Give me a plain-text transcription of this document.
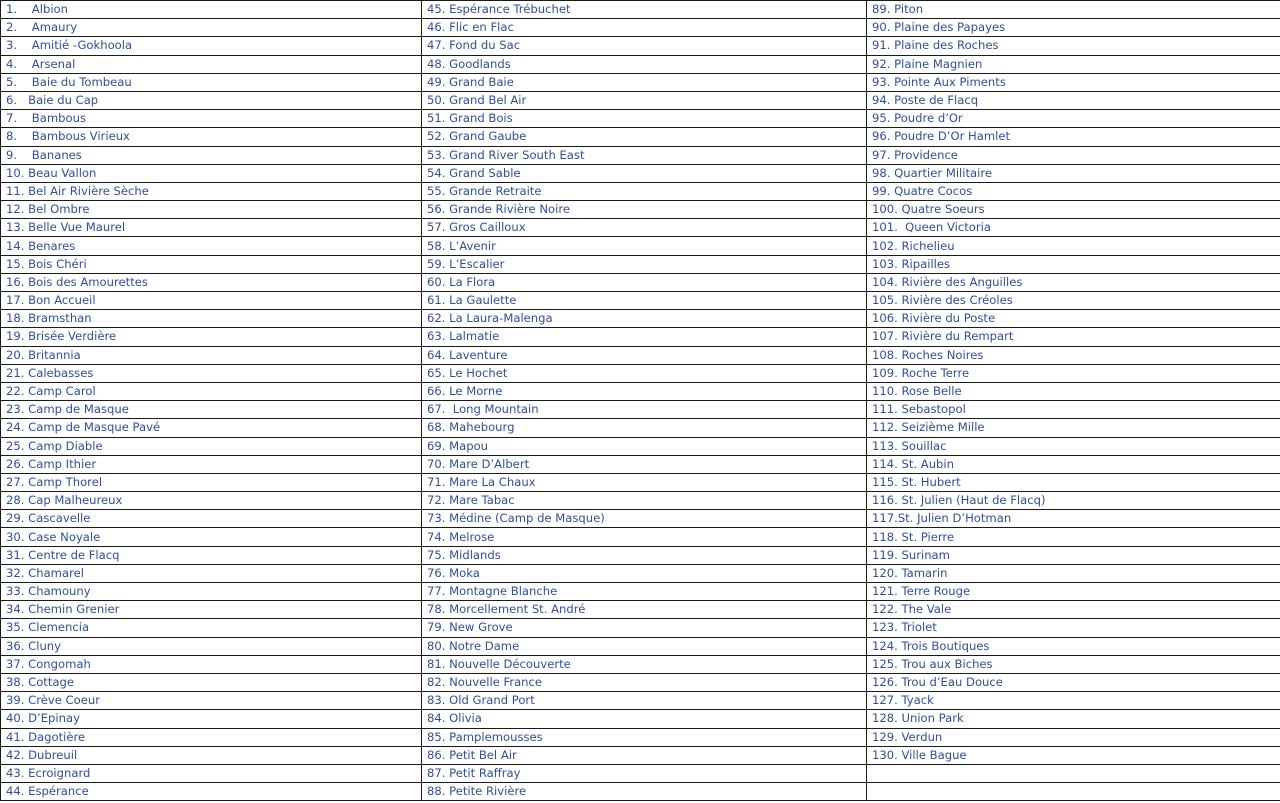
1.    Albion	45. Espérance Trébuchet	89. Piton
2.    Amaury	46. Flic en Flac	90. Plaine des Papayes
3.    Amitié -Gokhoola	47. Fond du Sac	91. Plaine des Roches
4.    Arsenal	48. Goodlands	92. Plaine Magnien
5.    Baie du Tombeau	49. Grand Baie	93. Pointe Aux Piments
6.   Baie du Cap	50. Grand Bel Air	94. Poste de Flacq
7.    Bambous	51. Grand Bois	95. Poudre d’Or
8.    Bambous Virieux	52. Grand Gaube	96. Poudre D’Or Hamlet
9.    Bananes	53. Grand River South East	97. Providence
10. Beau Vallon	54. Grand Sable	98. Quartier Militaire
11. Bel Air Rivière Sèche	55. Grande Retraite	99. Quatre Cocos
12. Bel Ombre	56. Grande Rivière Noire	100. Quatre Soeurs
13. Belle Vue Maurel	57. Gros Cailloux	101.  Queen Victoria
14. Benares	58. L’Avenir	102. Richelieu
15. Bois Chéri	59. L’Escalier	103. Ripailles
16. Bois des Amourettes	60. La Flora	104. Rivière des Anguilles
17. Bon Accueil	61. La Gaulette	105. Rivière des Créoles
18. Bramsthan	62. La Laura-Malenga	106. Rivière du Poste
19. Brisée Verdière	63. Lalmatie	107. Rivière du Rempart
20. Britannia	64. Laventure	108. Roches Noires
21. Calebasses	65. Le Hochet	109. Roche Terre
22. Camp Carol	66. Le Morne	110. Rose Belle
23. Camp de Masque	67.  Long Mountain	111. Sebastopol
24. Camp de Masque Pavé	68. Mahebourg	112. Seizième Mille
25. Camp Diable	69. Mapou	113. Souillac
26. Camp Ithier	70. Mare D’Albert	114. St. Aubin
27. Camp Thorel	71. Mare La Chaux	115. St. Hubert
28. Cap Malheureux	72. Mare Tabac	116. St. Julien (Haut de Flacq)
29. Cascavelle	73. Médine (Camp de Masque)	117.St. Julien D’Hotman
30. Case Noyale	74. Melrose	118. St. Pierre
31. Centre de Flacq	75. Midlands	119. Surinam
32. Chamarel	76. Moka	120. Tamarin
33. Chamouny	77. Montagne Blanche	121. Terre Rouge
34. Chemin Grenier	78. Morcellement St. André	122. The Vale
35. Clemencia	79. New Grove	123. Triolet
36. Cluny	80. Notre Dame	124. Trois Boutiques
37. Congomah	81. Nouvelle Découverte	125. Trou aux Biches
38. Cottage	82. Nouvelle France	126. Trou d’Eau Douce
39. Crève Coeur	83. Old Grand Port	127. Tyack
40. D’Epinay	84. Olivia	128. Union Park
41. Dagotière	85. Pamplemousses	129. Verdun
42. Dubreuil	86. Petit Bel Air	130. Ville Bague
43. Ecroignard	87. Petit Raffray	
44. Espérance	88. Petite Rivière	
